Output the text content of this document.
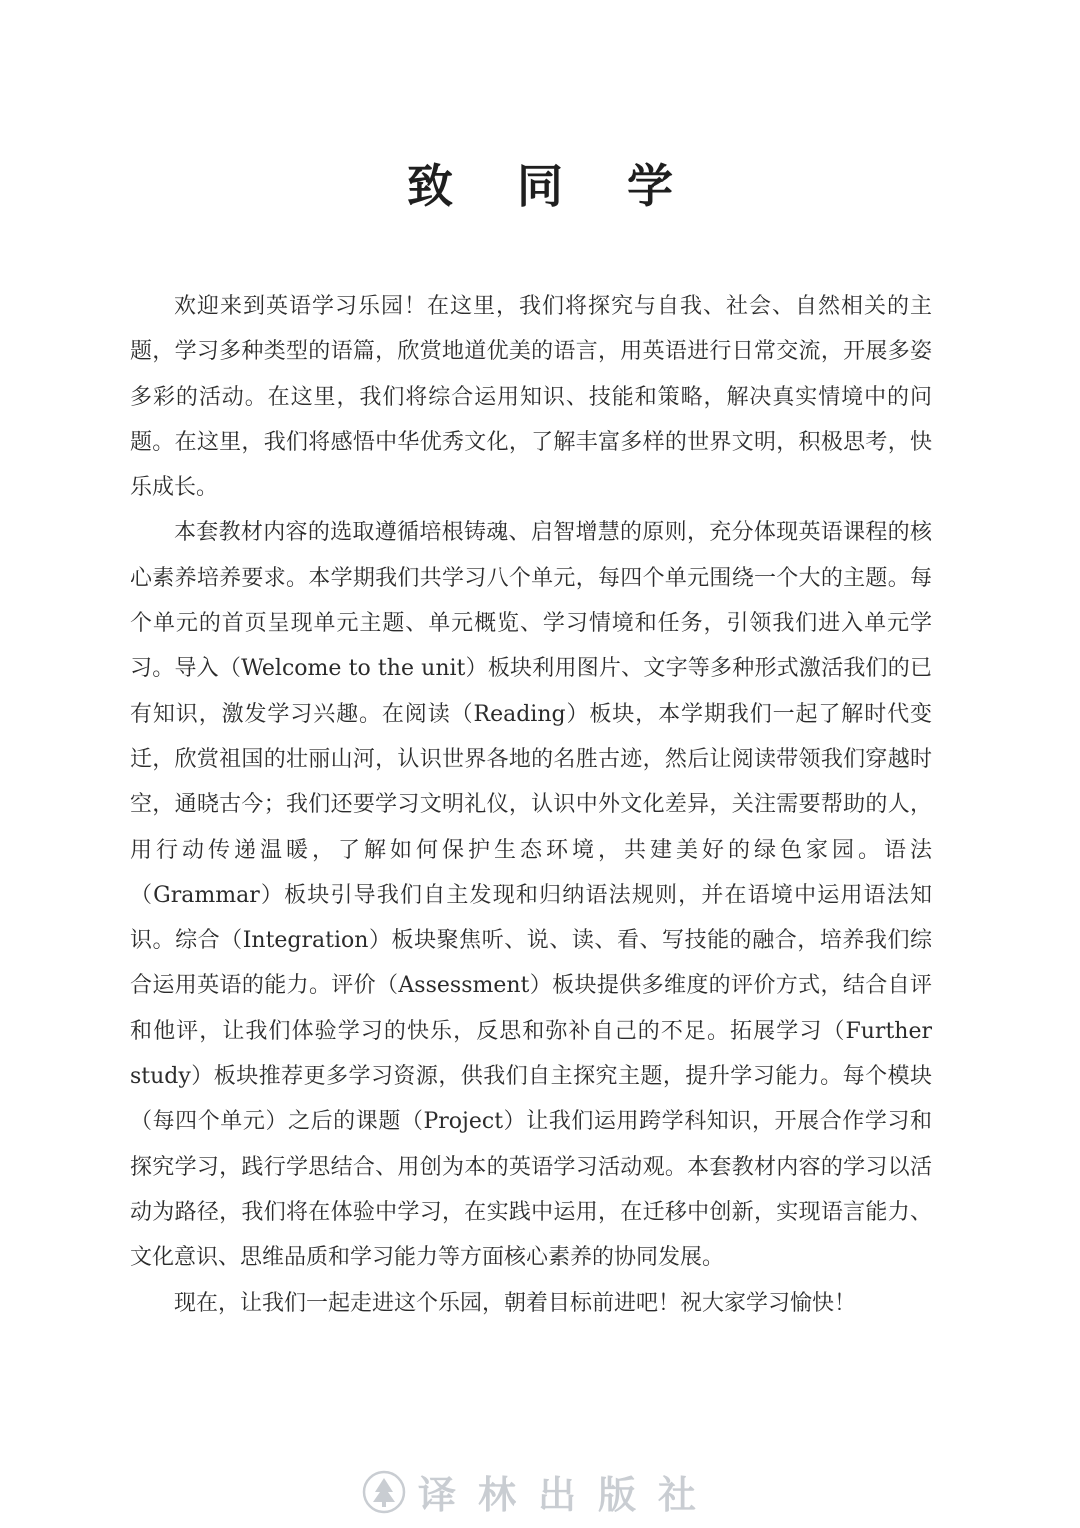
致 同 学

欢迎来到英语学习乐园！在这里，我们将探究与自我、社会、自然相关的主题，学习多种类型的语篇，欣赏地道优美的语言，用英语进行日常交流，开展多姿多彩的活动。在这里，我们将综合运用知识、技能和策略，解决真实情境中的问题。在这里，我们将感悟中华优秀文化，了解丰富多样的世界文明，积极思考，快乐成长。

本套教材内容的选取遵循培根铸魂、启智增慧的原则，充分体现英语课程的核心素养培养要求。本学期我们共学习八个单元，每四个单元围绕一个大的主题。每个单元的首页呈现单元主题、单元概览、学习情境和任务，引领我们进入单元学习。导入（Welcome to the unit）板块利用图片、文字等多种形式激活我们的已有知识，激发学习兴趣。在阅读（Reading）板块，本学期我们一起了解时代变迁，欣赏祖国的壮丽山河，认识世界各地的名胜古迹，然后让阅读带领我们穿越时空，通晓古今；我们还要学习文明礼仪，认识中外文化差异，关注需要帮助的人，用行动传递温暖，了解如何保护生态环境，共建美好的绿色家园。语法（Grammar）板块引导我们自主发现和归纳语法规则，并在语境中运用语法知识。综合（Integration）板块聚焦听、说、读、看、写技能的融合，培养我们综合运用英语的能力。评价（Assessment）板块提供多维度的评价方式，结合自评和他评，让我们体验学习的快乐，反思和弥补自己的不足。拓展学习（Further study）板块推荐更多学习资源，供我们自主探究主题，提升学习能力。每个模块（每四个单元）之后的课题（Project）让我们运用跨学科知识，开展合作学习和探究学习，践行学思结合、用创为本的英语学习活动观。本套教材内容的学习以活动为路径，我们将在体验中学习，在实践中运用，在迁移中创新，实现语言能力、文化意识、思维品质和学习能力等方面核心素养的协同发展。

现在，让我们一起走进这个乐园，朝着目标前进吧！祝大家学习愉快！

译林出版社
